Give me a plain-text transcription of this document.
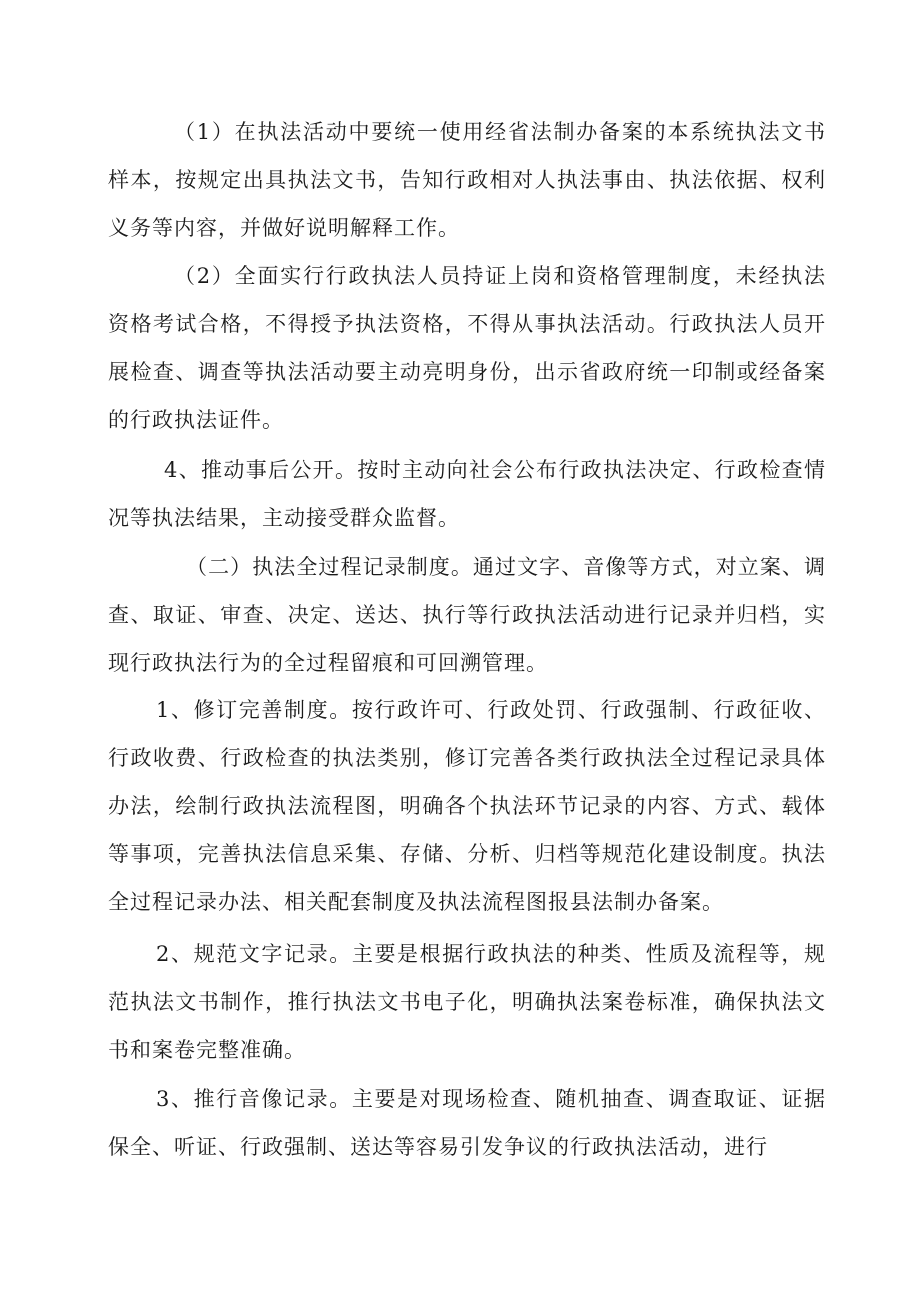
（1）在执法活动中要统一使用经省法制办备案的本系统执法文书样本，按规定出具执法文书，告知行政相对人执法事由、执法依据、权利义务等内容，并做好说明解释工作。

（2）全面实行行政执法人员持证上岗和资格管理制度，未经执法资格考试合格，不得授予执法资格，不得从事执法活动。行政执法人员开展检查、调查等执法活动要主动亮明身份，出示省政府统一印制或经备案的行政执法证件。

4、推动事后公开。按时主动向社会公布行政执法决定、行政检查情况等执法结果，主动接受群众监督。

（二）执法全过程记录制度。通过文字、音像等方式，对立案、调查、取证、审查、决定、送达、执行等行政执法活动进行记录并归档，实现行政执法行为的全过程留痕和可回溯管理。

1、修订完善制度。按行政许可、行政处罚、行政强制、行政征收、行政收费、行政检查的执法类别，修订完善各类行政执法全过程记录具体办法，绘制行政执法流程图，明确各个执法环节记录的内容、方式、载体等事项，完善执法信息采集、存储、分析、归档等规范化建设制度。执法全过程记录办法、相关配套制度及执法流程图报县法制办备案。

2、规范文字记录。主要是根据行政执法的种类、性质及流程等，规范执法文书制作，推行执法文书电子化，明确执法案卷标准，确保执法文书和案卷完整准确。

3、推行音像记录。主要是对现场检查、随机抽查、调查取证、证据保全、听证、行政强制、送达等容易引发争议的行政执法活动，进行
